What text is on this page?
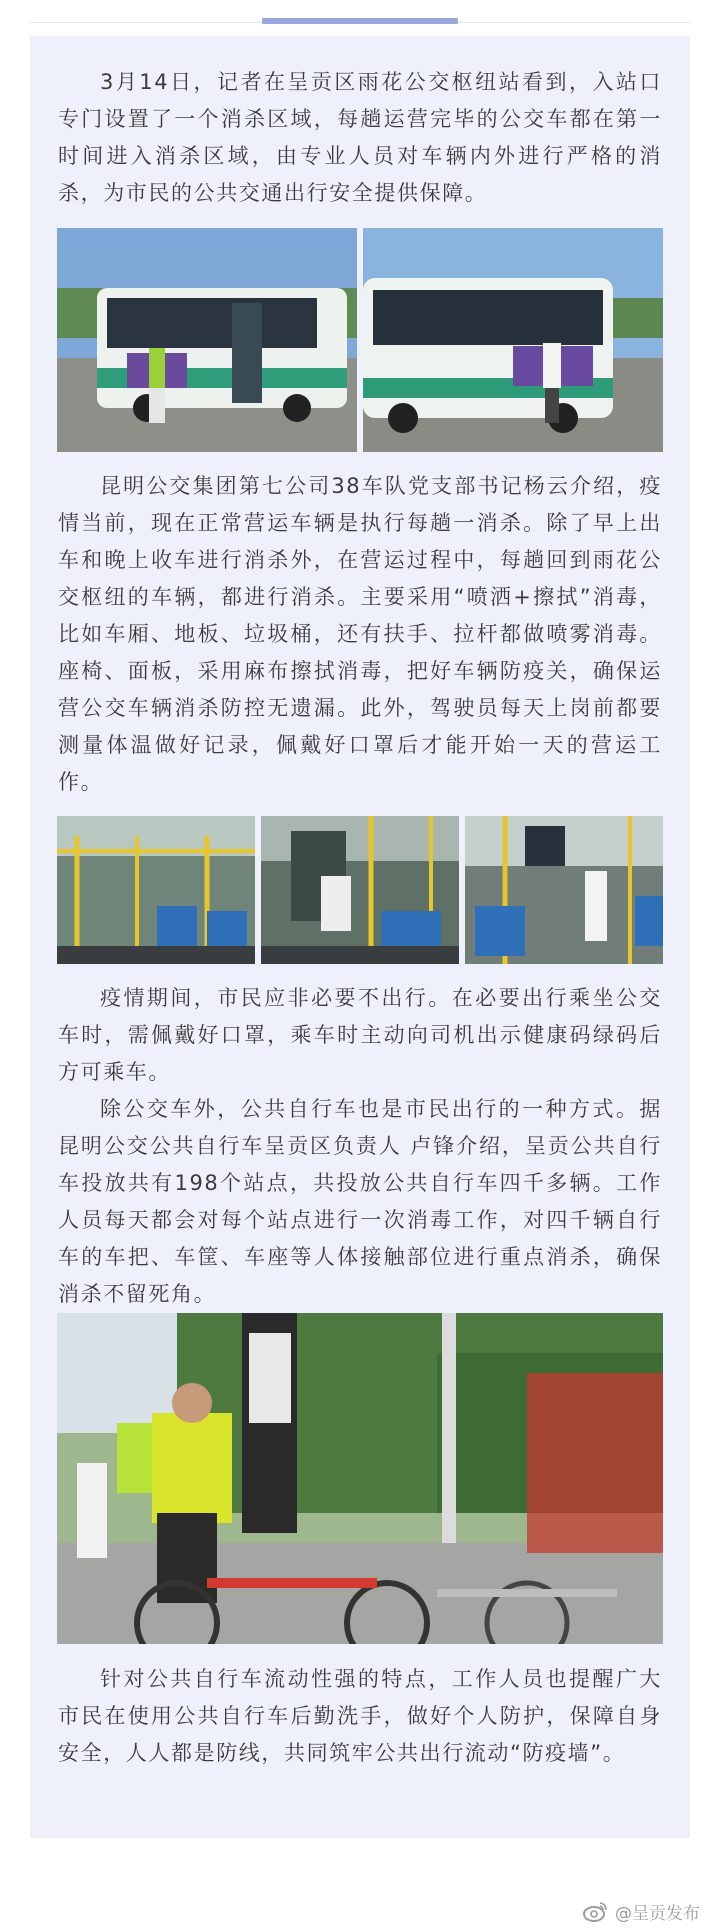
3月14日，记者在呈贡区雨花公交枢纽站看到，入站口专门设置了一个消杀区域，每趟运营完毕的公交车都在第一时间进入消杀区域，由专业人员对车辆内外进行严格的消杀，为市民的公共交通出行安全提供保障。

昆明公交集团第七公司38车队党支部书记杨云介绍，疫情当前，现在正常营运车辆是执行每趟一消杀。除了早上出车和晚上收车进行消杀外，在营运过程中，每趟回到雨花公交枢纽的车辆，都进行消杀。主要采用“喷洒+擦拭”消毒，比如车厢、地板、垃圾桶，还有扶手、拉杆都做喷雾消毒。座椅、面板，采用麻布擦拭消毒，把好车辆防疫关，确保运营公交车辆消杀防控无遗漏。此外，驾驶员每天上岗前都要测量体温做好记录，佩戴好口罩后才能开始一天的营运工作。

疫情期间，市民应非必要不出行。在必要出行乘坐公交车时，需佩戴好口罩，乘车时主动向司机出示健康码绿码后方可乘车。

除公交车外，公共自行车也是市民出行的一种方式。据昆明公交公共自行车呈贡区负责人 卢锋介绍，呈贡公共自行车投放共有198个站点，共投放公共自行车四千多辆。工作人员每天都会对每个站点进行一次消毒工作，对四千辆自行车的车把、车筐、车座等人体接触部位进行重点消杀，确保消杀不留死角。

针对公共自行车流动性强的特点，工作人员也提醒广大市民在使用公共自行车后勤洗手，做好个人防护，保障自身安全，人人都是防线，共同筑牢公共出行流动“防疫墙”。

@呈贡发布
